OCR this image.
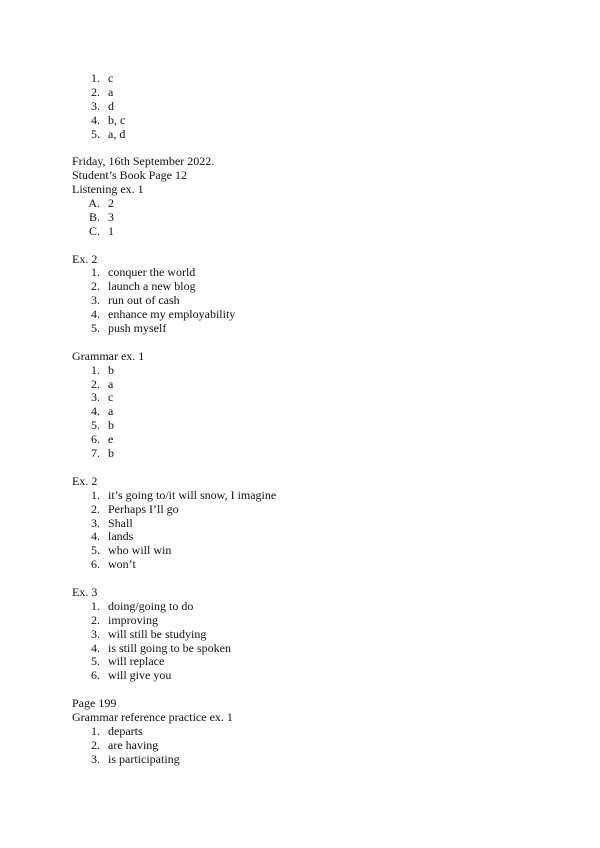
1. c
2. a
3. d
4. b, c
5. a, d
Friday, 16th September 2022.
Student’s Book Page 12
Listening ex. 1
A. 2
B. 3
C. 1
Ex. 2
1. conquer the world
2. launch a new blog
3. run out of cash
4. enhance my employability
5. push myself
Grammar ex. 1
1. b
2. a
3. c
4. a
5. b
6. e
7. b
Ex. 2
1. it’s going to/it will snow, I imagine
2. Perhaps I’ll go
3. Shall
4. lands
5. who will win
6. won’t
Ex. 3
1. doing/going to do
2. improving
3. will still be studying
4. is still going to be spoken
5. will replace
6. will give you
Page 199
Grammar reference practice ex. 1
1. departs
2. are having
3. is participating
